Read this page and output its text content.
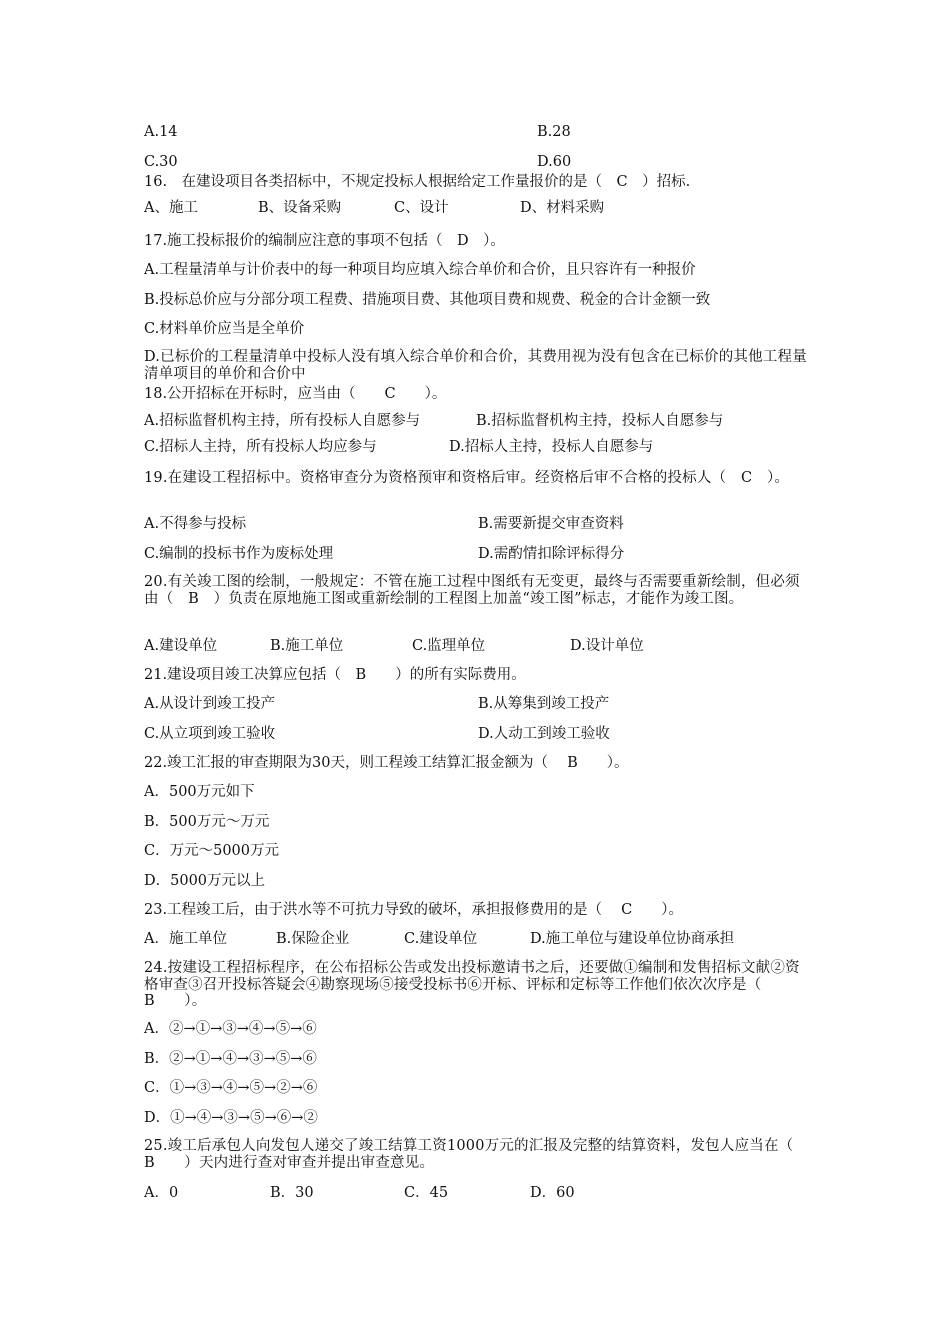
A.14	B.28
C.30	D.60
16.　在建设项目各类招标中，不规定投标人根据给定工作量报价的是（　C　）招标.
A、施工	B、设备采购	C、设计	D、材料采购
17.施工投标报价的编制应注意的事项不包括（　D　）。
A.工程量清单与计价表中的每一种项目均应填入综合单价和合价，且只容许有一种报价
B.投标总价应与分部分项工程费、措施项目费、其他项目费和规费、税金的合计金额一致
C.材料单价应当是全单价
D.已标价的工程量清单中投标人没有填入综合单价和合价，其费用视为没有包含在已标价的其他工程量清单项目的单价和合价中
18.公开招标在开标时，应当由（　　C　　）。
A.招标监督机构主持，所有投标人自愿参与	B.招标监督机构主持，投标人自愿参与
C.招标人主持，所有投标人均应参与	D.招标人主持，投标人自愿参与
19.在建设工程招标中。资格审查分为资格预审和资格后审。经资格后审不合格的投标人（　C　）。
A.不得参与投标	B.需要新提交审查资料
C.编制的投标书作为废标处理	D.需酌情扣除评标得分
20.有关竣工图的绘制，一般规定：不管在施工过程中图纸有无变更，最终与否需要重新绘制，但必须由（　B　）负责在原地施工图或重新绘制的工程图上加盖“竣工图”标志，才能作为竣工图。
A.建设单位	B.施工单位	C.监理单位	D.设计单位
21.建设项目竣工决算应包括（　B　　）的所有实际费用。
A.从设计到竣工投产	B.从筹集到竣工投产
C.从立项到竣工验收	D.人动工到竣工验收
22.竣工汇报的审查期限为30天，则工程竣工结算汇报金额为（　 B　　）。
A．500万元如下
B．500万元～万元
C．万元～5000万元
D．5000万元以上
23.工程竣工后，由于洪水等不可抗力导致的破坏，承担报修费用的是（　 C　　）。
A．施工单位	B.保险企业	C.建设单位	D.施工单位与建设单位协商承担
24.按建设工程招标程序，在公布招标公告或发出投标邀请书之后，还要做①编制和发售招标文献②资格审查③召开投标答疑会④勘察现场⑤接受投标书⑥开标、评标和定标等工作他们依次次序是（　B　　）。
A．②→①→③→④→⑤→⑥
B．②→①→④→③→⑤→⑥
C．①→③→④→⑤→②→⑥
D．①→④→③→⑤→⑥→②
25.竣工后承包人向发包人递交了竣工结算工资1000万元的汇报及完整的结算资料，发包人应当在（　B　　）天内进行查对审查并提出审查意见。
A．0	B．30	C．45	D．60
